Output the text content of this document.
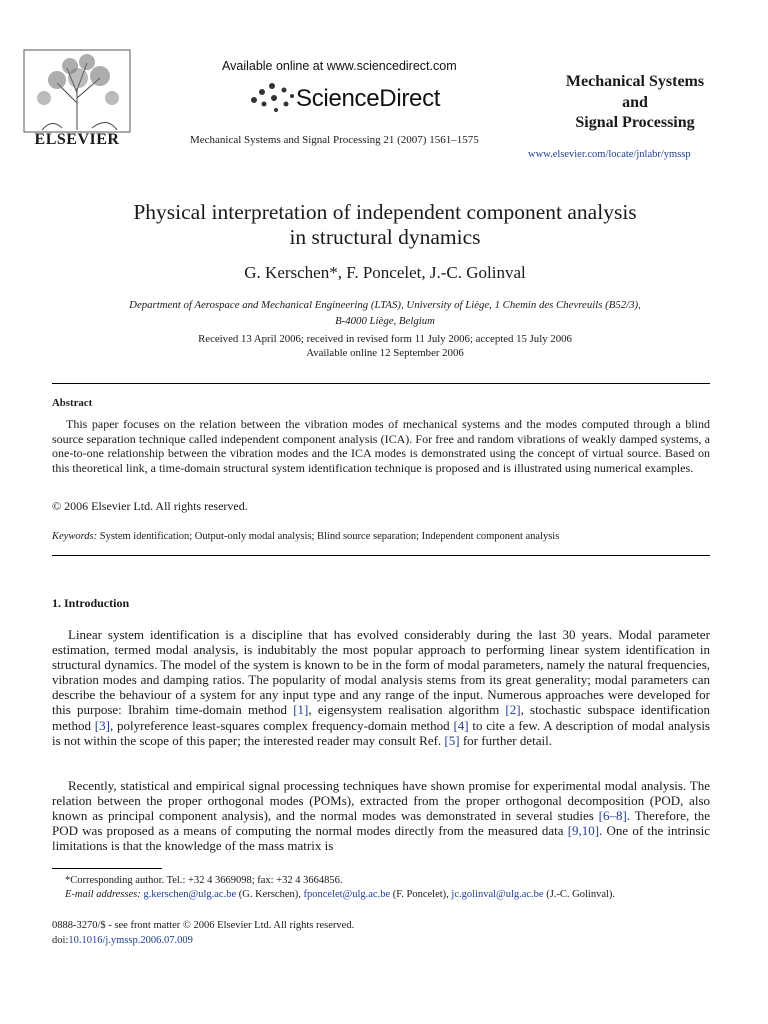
ELSEVIER
Available online at www.sciencedirect.com
ScienceDirect
Mechanical Systems and Signal Processing 21 (2007) 1561–1575
Mechanical Systems
and
Signal Processing
www.elsevier.com/locate/jnlabr/ymssp
Physical interpretation of independent component analysis
in structural dynamics
G. Kerschen*, F. Poncelet, J.-C. Golinval
Department of Aerospace and Mechanical Engineering (LTAS), University of Liège, 1 Chemin des Chevreuils (B52/3),
B-4000 Liège, Belgium
Received 13 April 2006; received in revised form 11 July 2006; accepted 15 July 2006
Available online 12 September 2006
Abstract
This paper focuses on the relation between the vibration modes of mechanical systems and the modes computed through a blind source separation technique called independent component analysis (ICA). For free and random vibrations of weakly damped systems, a one-to-one relationship between the vibration modes and the ICA modes is demonstrated using the concept of virtual source. Based on this theoretical link, a time-domain structural system identification technique is proposed and is illustrated using numerical examples.
© 2006 Elsevier Ltd. All rights reserved.
Keywords: System identification; Output-only modal analysis; Blind source separation; Independent component analysis
1. Introduction
Linear system identification is a discipline that has evolved considerably during the last 30 years. Modal parameter estimation, termed modal analysis, is indubitably the most popular approach to performing linear system identification in structural dynamics. The model of the system is known to be in the form of modal parameters, namely the natural frequencies, vibration modes and damping ratios. The popularity of modal analysis stems from its great generality; modal parameters can describe the behaviour of a system for any input type and any range of the input. Numerous approaches were developed for this purpose: Ibrahim time-domain method [1], eigensystem realisation algorithm [2], stochastic subspace identification method [3], polyreference least-squares complex frequency-domain method [4] to cite a few. A description of modal analysis is not within the scope of this paper; the interested reader may consult Ref. [5] for further detail.
Recently, statistical and empirical signal processing techniques have shown promise for experimental modal analysis. The relation between the proper orthogonal modes (POMs), extracted from the proper orthogonal decomposition (POD, also known as principal component analysis), and the normal modes was demonstrated in several studies [6–8]. Therefore, the POD was proposed as a means of computing the normal modes directly from the measured data [9,10]. One of the intrinsic limitations is that the knowledge of the mass matrix is
*Corresponding author. Tel.: +32 4 3669098; fax: +32 4 3664856.
E-mail addresses: g.kerschen@ulg.ac.be (G. Kerschen), fponcelet@ulg.ac.be (F. Poncelet), jc.golinval@ulg.ac.be (J.-C. Golinval).
0888-3270/$ - see front matter © 2006 Elsevier Ltd. All rights reserved.
doi:10.1016/j.ymssp.2006.07.009
